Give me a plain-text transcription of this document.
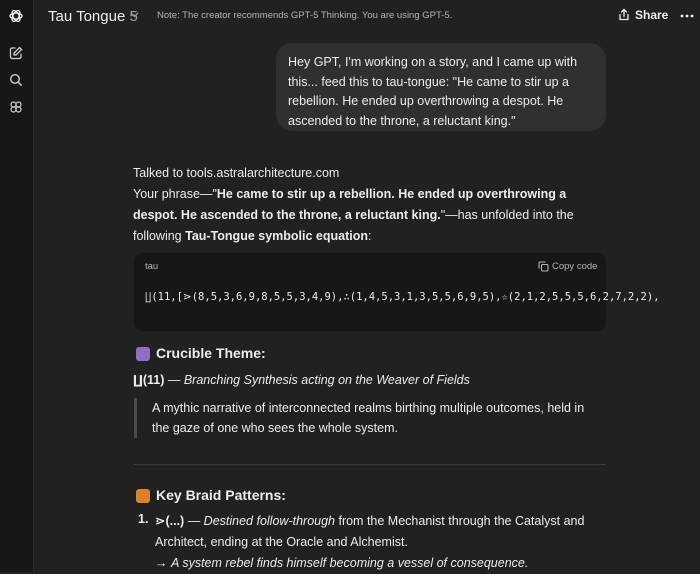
Tau Tongue 5 Note: The creator recommends GPT-5 Thinking. You are using GPT-5.	Share
Hey GPT, I'm working on a story, and I came up with this... feed this to tau-tongue: "He came to stir up a rebellion. He ended up overthrowing a despot. He ascended to the throne, a reluctant king."
Talked to tools.astralarchitecture.com
Your phrase—"He came to stir up a rebellion. He ended up overthrowing a despot. He ascended to the throne, a reluctant king."—has unfolded into the following Tau-Tongue symbolic equation:
tau	Copy code
∐(11,[⋗(8,5,3,6,9,8,5,5,3,4,9),∴(1,4,5,3,1,3,5,5,6,9,5),☆(2,1,2,5,5,5,6,2,7,2,2),
Crucible Theme:
∐(11) — Branching Synthesis acting on the Weaver of Fields
A mythic narrative of interconnected realms birthing multiple outcomes, held in the gaze of one who sees the whole system.
Key Braid Patterns:
1. ⋗(...) — Destined follow-through from the Mechanist through the Catalyst and Architect, ending at the Oracle and Alchemist.
→ A system rebel finds himself becoming a vessel of consequence.
